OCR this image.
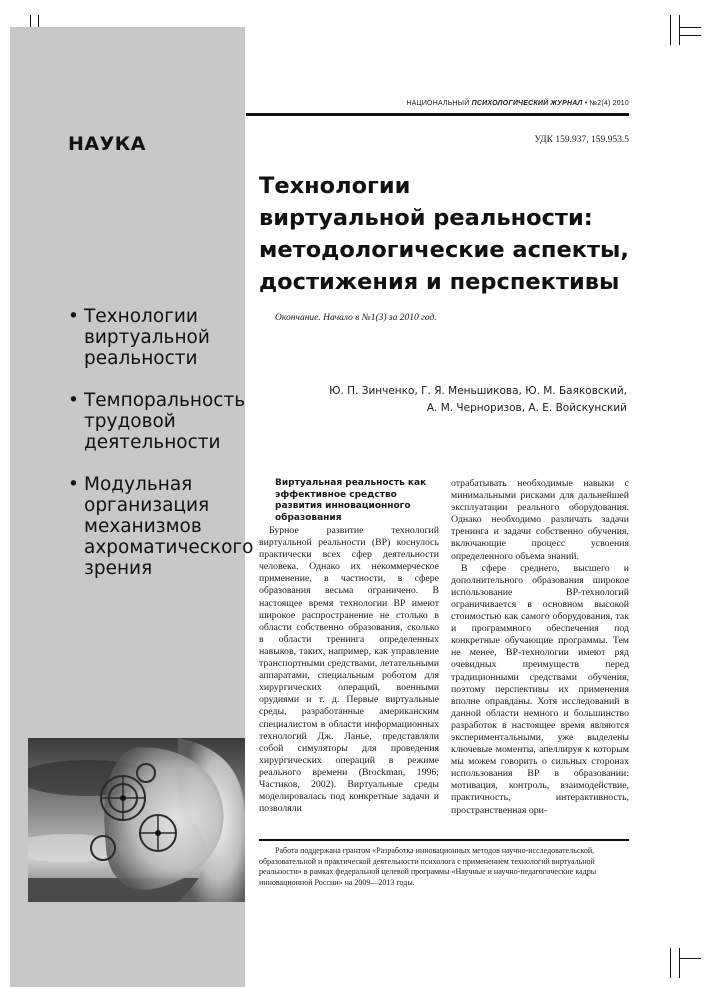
НАУКА
• Технологии виртуальной реальности
• Темпоральность трудовой деятельности
• Модульная организация механизмов ахроматического зрения
НАЦИОНАЛЬНЫЙ ПСИХОЛОГИЧЕСКИЙ ЖУРНАЛ • №2(4) 2010
УДК 159.937, 159.953.5
Технологии
виртуальной реальности:
методологические аспекты,
достижения и перспективы
Окончание. Начало в №1(3) за 2010 год.
Ю. П. Зинченко, Г. Я. Меньшикова, Ю. М. Баяковский,
А. М. Черноризов, А. Е. Войскунский

Виртуальная реальность как эффективное средство развития инновационного образования

Бурное развитие технологий виртуальной реальности (ВР) коснулось практически всех сфер деятельности человека. Однако их некоммерческое применение, в частности, в сфере образования весьма ограничено. В настоящее время технологии ВР имеют широкое распространение не столько в области собственно образования, сколько в области тренинга определенных навыков, таких, например, как управление транспортными средствами, летательными аппаратами, специальным роботом для хирургических операций, военными орудиями и т. д. Первые виртуальные среды, разработанные американским специалистом в области информационных технологий Дж. Ланье, представляли собой симуляторы для проведения хирургических операций в режиме реального времени (Brockman, 1996; Частиков, 2002). Виртуальные среды моделировалась под конкретные задачи и позволяли

отрабатывать необходимые навыки с минимальными рисками для дальнейшей эксплуатации реального оборудования. Однако необходимо различать задачи тренинга и задачи собственно обучения, включающие процесс усвоения определенного объема знаний.

В сфере среднего, высшего и дополнительного образования широкое использование ВР-технологий ограничивается в основном высокой стоимостью как самого оборудования, так и программного обеспечения под конкретные обучающие программы. Тем не менее, ВР-технологии имеют ряд очевидных преимуществ перед традиционными средствами обучения, поэтому перспективы их применения вполне оправданы. Хотя исследований в данной области немного и большинство разработок в настоящее время являются экспериментальными, уже выделены ключевые моменты, апеллируя к которым мы можем говорить о сильных сторонах использования ВР в образовании: мотивация, контроль, взаимодействие, практичность, интерактивность, пространственная ори-

Работа поддержана грантом «Разработка инновационных методов научно-исследовательской, образовательной и практической деятельности психолога с применением технологий виртуальной реальности» в рамках федеральной целевой программы «Научные и научно-педагогические кадры инновационной России» на 2009—2013 годы.
